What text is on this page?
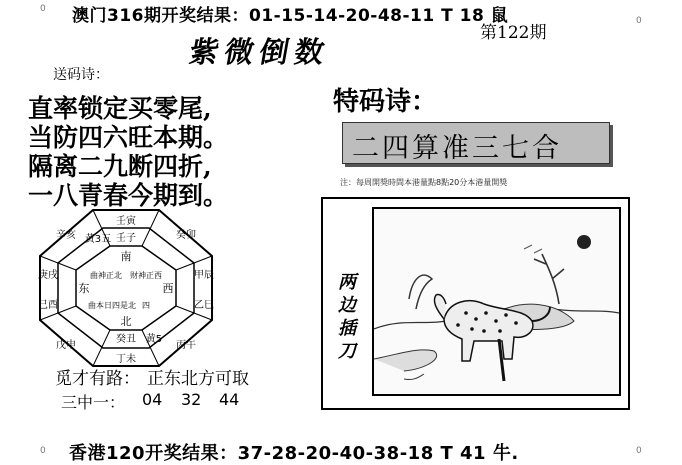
0
0
0	0
澳门316期开奖结果：01-15-14-20-48-11 T 18 鼠
第122期
紫微倒数
送码诗：
直率锁定买零尾,
当防四六旺本期。
隔离二九断四折,
一八青春今期到。
特码诗：
二四算准三七合
注：每周開獎時間本港量點8點20分本港量開獎
两
边
插
刀
壬寅
癸卯
甲辰
乙巳
丙午
丁未
戊申
己酉
庚戌
辛亥	壬子
癸丑 黄5
黄3五
南
北
东	西
曲神正北
曲本日四是北
财神正西
四
觅才有路： 正东北方可取
三中一： 04 32 44
香港120开奖结果：37-28-20-40-38-18 T 41 牛.
